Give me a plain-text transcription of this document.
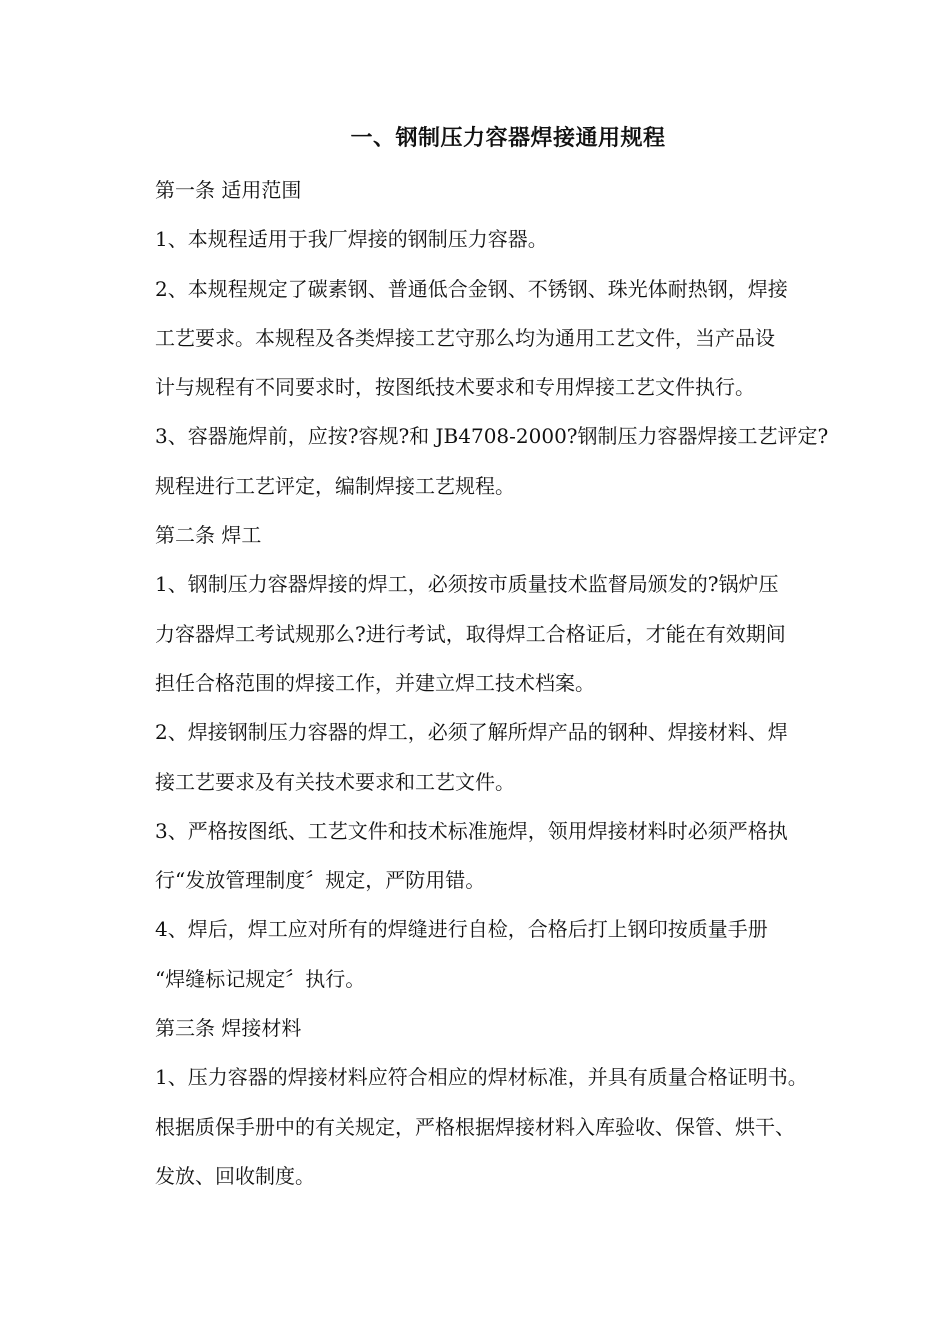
一、钢制压力容器焊接通用规程
第一条 适用范围
1、本规程适用于我厂焊接的钢制压力容器。
2、本规程规定了碳素钢、普通低合金钢、不锈钢、珠光体耐热钢，焊接
工艺要求。本规程及各类焊接工艺守那么均为通用工艺文件，当产品设
计与规程有不同要求时，按图纸技术要求和专用焊接工艺文件执行。
3、容器施焊前，应按?容规?和 JB4708-2000?钢制压力容器焊接工艺评定?
规程进行工艺评定，编制焊接工艺规程。
第二条 焊工
1、钢制压力容器焊接的焊工，必须按市质量技术监督局颁发的?锅炉压
力容器焊工考试规那么?进行考试，取得焊工合格证后，才能在有效期间
担任合格范围的焊接工作，并建立焊工技术档案。
2、焊接钢制压力容器的焊工，必须了解所焊产品的钢种、焊接材料、焊
接工艺要求及有关技术要求和工艺文件。
3、严格按图纸、工艺文件和技术标准施焊，领用焊接材料时必须严格执
行“发放管理制度〞规定，严防用错。
4、焊后，焊工应对所有的焊缝进行自检，合格后打上钢印按质量手册
“焊缝标记规定〞执行。
第三条 焊接材料
1、压力容器的焊接材料应符合相应的焊材标准，并具有质量合格证明书。
根据质保手册中的有关规定，严格根据焊接材料入库验收、保管、烘干、
发放、回收制度。
